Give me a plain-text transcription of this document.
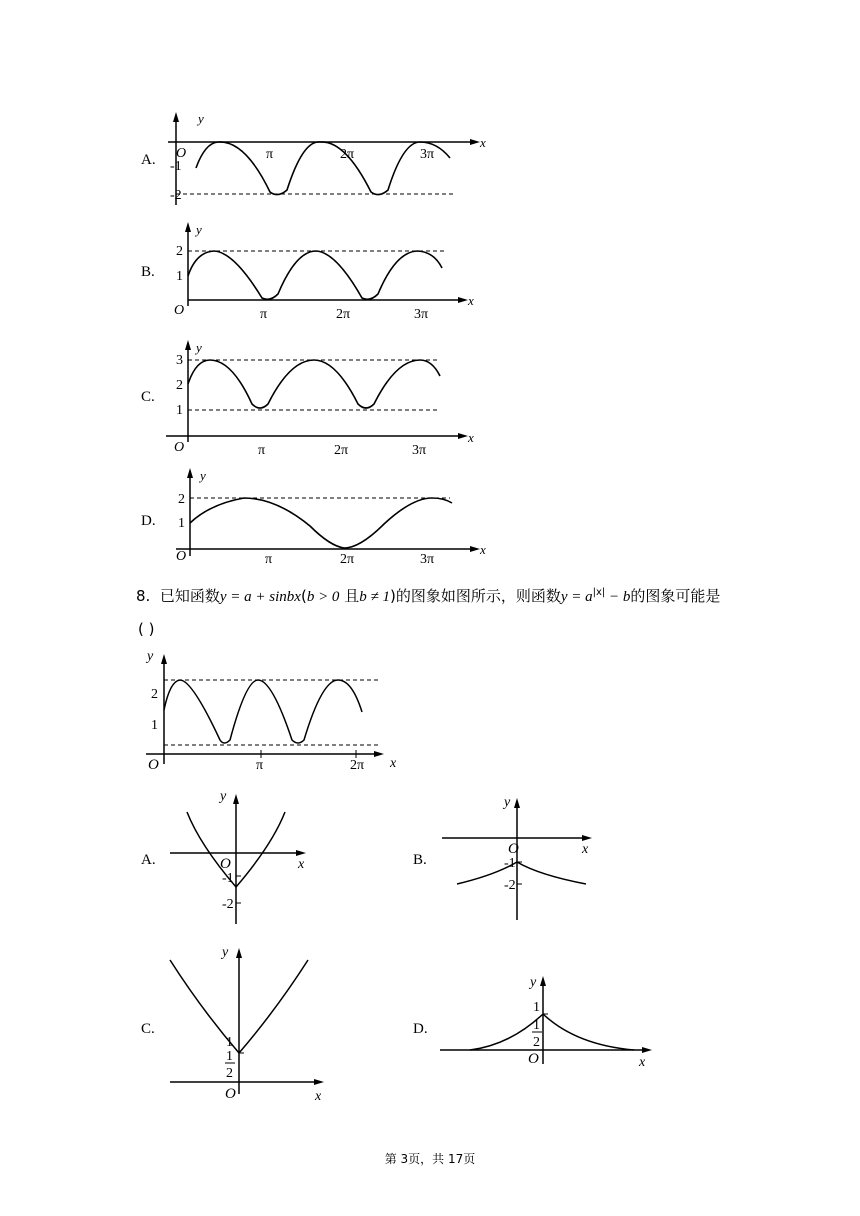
A.
y
x
O
-1
-2
π	2π	3π
B.
y
x
O
2
1
π	2π	3π
C.
y
x
O
3
2
1
π	2π	3π
D.
y
x
O
2
1
π	2π	3π
8. 已知函数y = a + sinbx(b > 0 且b ≠ 1)的图象如图所示，则函数$y = a^{|x|} - b$的图象可能是
( )
y
x
O
2
1
π	2π
A.
y
x
O
-1
-2
B.
y
x
O
-1
-2
C.
y
x
O
1
1
2
D.
y
x
O
1
1
2
第 3页，共 17页
